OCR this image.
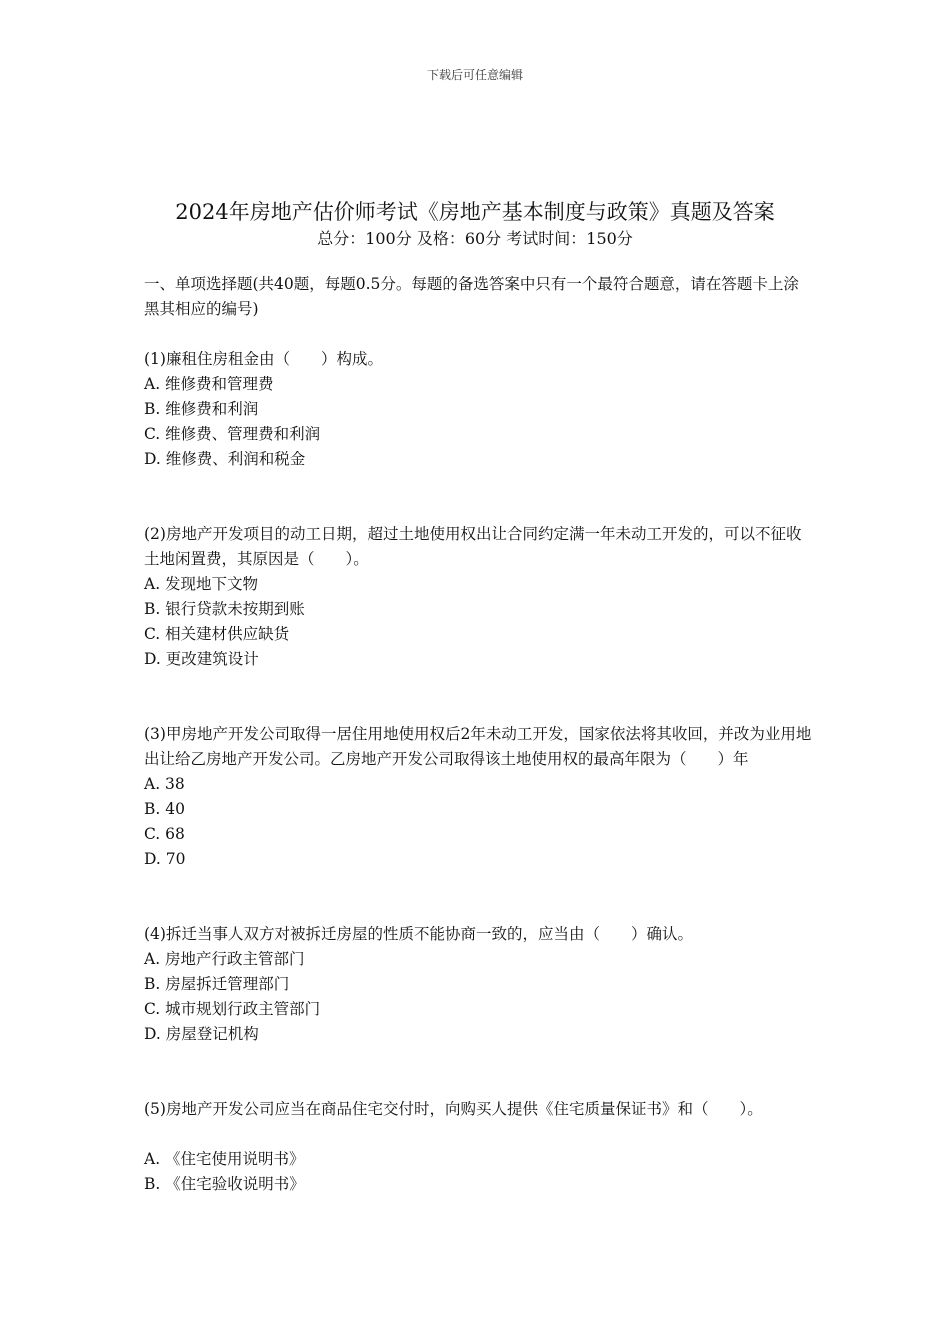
下载后可任意编辑
2024年房地产估价师考试《房地产基本制度与政策》真题及答案
总分：100分 及格：60分 考试时间：150分

一、单项选择题(共40题，每题0.5分。每题的备选答案中只有一个最符合题意，请在答题卡上涂黑其相应的编号)

(1)廉租住房租金由（　　）构成。

A. 维修费和管理费

B. 维修费和利润

C. 维修费、管理费和利润

D. 维修费、利润和税金

(2)房地产开发项目的动工日期，超过土地使用权出让合同约定满一年未动工开发的，可以不征收土地闲置费，其原因是（　　）。

A. 发现地下文物

B. 银行贷款未按期到账

C. 相关建材供应缺货

D. 更改建筑设计

(3)甲房地产开发公司取得一居住用地使用权后2年未动工开发，国家依法将其收回，并改为业用地出让给乙房地产开发公司。乙房地产开发公司取得该土地使用权的最高年限为（　　）年

A. 38

B. 40

C. 68

D. 70

(4)拆迁当事人双方对被拆迁房屋的性质不能协商一致的，应当由（　　）确认。

A. 房地产行政主管部门

B. 房屋拆迁管理部门

C. 城市规划行政主管部门

D. 房屋登记机构

(5)房地产开发公司应当在商品住宅交付时，向购买人提供《住宅质量保证书》和（　　）。

A. 《住宅使用说明书》

B. 《住宅验收说明书》
